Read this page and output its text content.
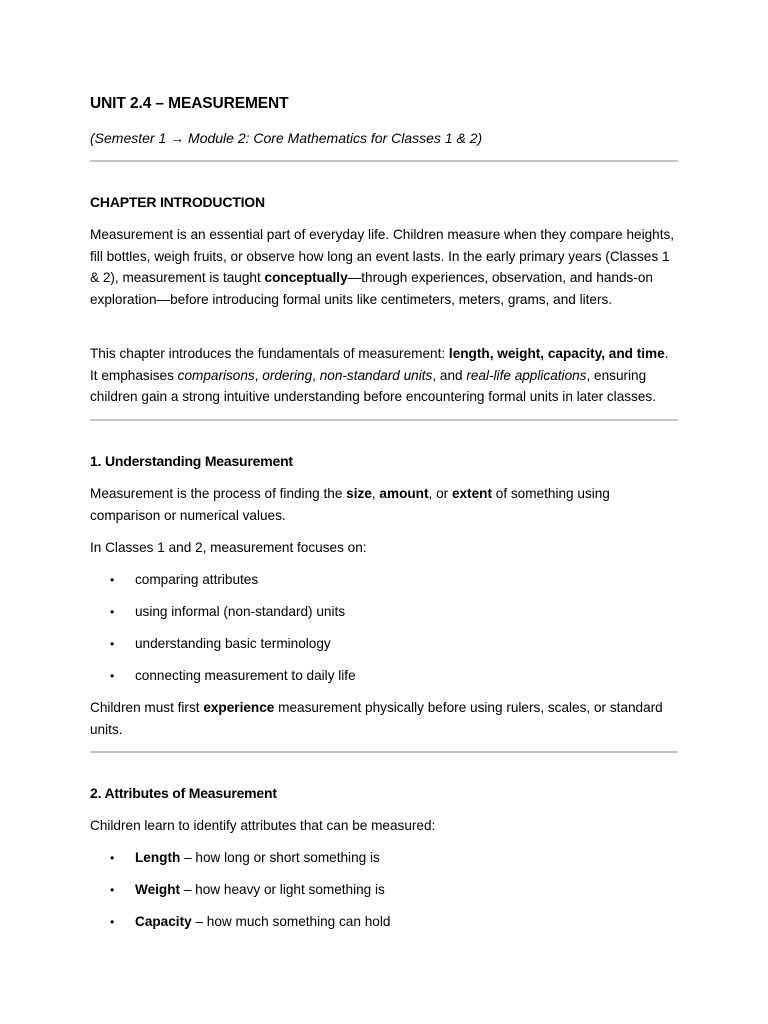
UNIT 2.4 – MEASUREMENT

(Semester 1 → Module 2: Core Mathematics for Classes 1 & 2)

CHAPTER INTRODUCTION

Measurement is an essential part of everyday life. Children measure when they compare heights, fill bottles, weigh fruits, or observe how long an event lasts. In the early primary years (Classes 1 & 2), measurement is taught conceptually—through experiences, observation, and hands-on exploration—before introducing formal units like centimeters, meters, grams, and liters.

This chapter introduces the fundamentals of measurement: length, weight, capacity, and time. It emphasises comparisons, ordering, non-standard units, and real-life applications, ensuring children gain a strong intuitive understanding before encountering formal units in later classes.

1. Understanding Measurement

Measurement is the process of finding the size, amount, or extent of something using comparison or numerical values.

In Classes 1 and 2, measurement focuses on:

• comparing attributes
• using informal (non-standard) units
• understanding basic terminology
• connecting measurement to daily life

Children must first experience measurement physically before using rulers, scales, or standard units.

2. Attributes of Measurement

Children learn to identify attributes that can be measured:

• Length – how long or short something is
• Weight – how heavy or light something is
• Capacity – how much something can hold
